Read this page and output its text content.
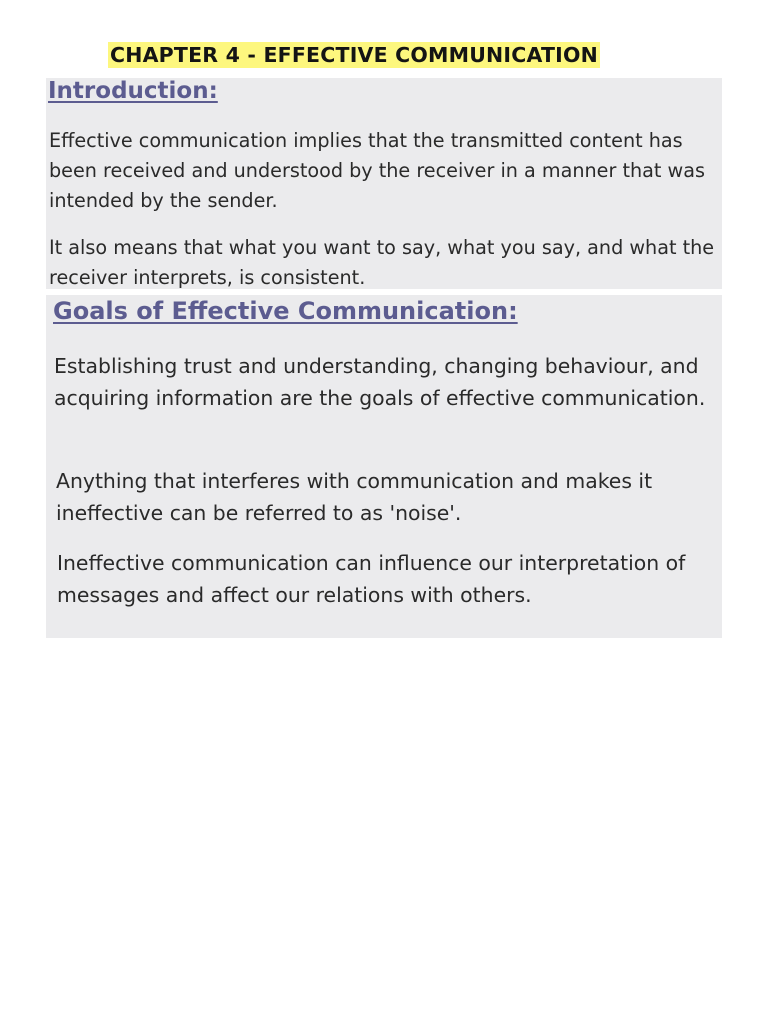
CHAPTER 4 - EFFECTIVE COMMUNICATION
Introduction:

Effective communication implies that the transmitted content has been received and understood by the receiver in a manner that was intended by the sender.

It also means that what you want to say, what you say, and what the receiver interprets, is consistent.

Goals of Effective Communication:

Establishing trust and understanding, changing behaviour, and acquiring information are the goals of effective communication.

Anything that interferes with communication and makes it ineffective can be referred to as 'noise'.

Ineffective communication can influence our interpretation of messages and affect our relations with others.
